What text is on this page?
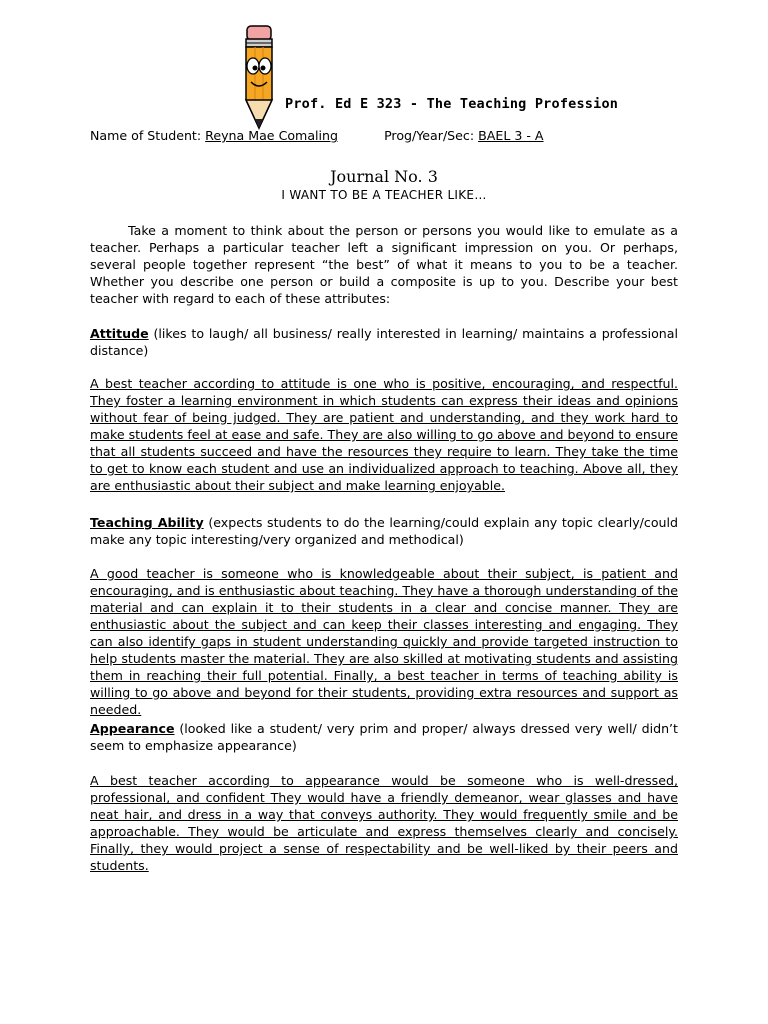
Prof. Ed E 323 - The Teaching Profession
Name of Student: Reyna Mae Comaling	Prog/Year/Sec: BAEL 3 - A
Journal No. 3
I WANT TO BE A TEACHER LIKE…
Take a moment to think about the person or persons you would like to emulate as a teacher. Perhaps a particular teacher left a significant impression on you. Or perhaps, several people together represent “the best” of what it means to you to be a teacher. Whether you describe one person or build a composite is up to you. Describe your best teacher with regard to each of these attributes:
Attitude (likes to laugh/ all business/ really interested in learning/ maintains a professional distance)
A best teacher according to attitude is one who is positive, encouraging, and respectful. They foster a learning environment in which students can express their ideas and opinions without fear of being judged. They are patient and understanding, and they work hard to make students feel at ease and safe. They are also willing to go above and beyond to ensure that all students succeed and have the resources they require to learn. They take the time to get to know each student and use an individualized approach to teaching. Above all, they are enthusiastic about their subject and make learning enjoyable.
Teaching Ability (expects students to do the learning/could explain any topic clearly/could make any topic interesting/very organized and methodical)
A good teacher is someone who is knowledgeable about their subject, is patient and encouraging, and is enthusiastic about teaching. They have a thorough understanding of the material and can explain it to their students in a clear and concise manner. They are enthusiastic about the subject and can keep their classes interesting and engaging. They can also identify gaps in student understanding quickly and provide targeted instruction to help students master the material. They are also skilled at motivating students and assisting them in reaching their full potential. Finally, a best teacher in terms of teaching ability is willing to go above and beyond for their students, providing extra resources and support as needed.
Appearance (looked like a student/ very prim and proper/ always dressed very well/ didn’t seem to emphasize appearance)
A best teacher according to appearance would be someone who is well-dressed, professional, and confident They would have a friendly demeanor, wear glasses and have neat hair, and dress in a way that conveys authority. They would frequently smile and be approachable. They would be articulate and express themselves clearly and concisely. Finally, they would project a sense of respectability and be well-liked by their peers and students.
